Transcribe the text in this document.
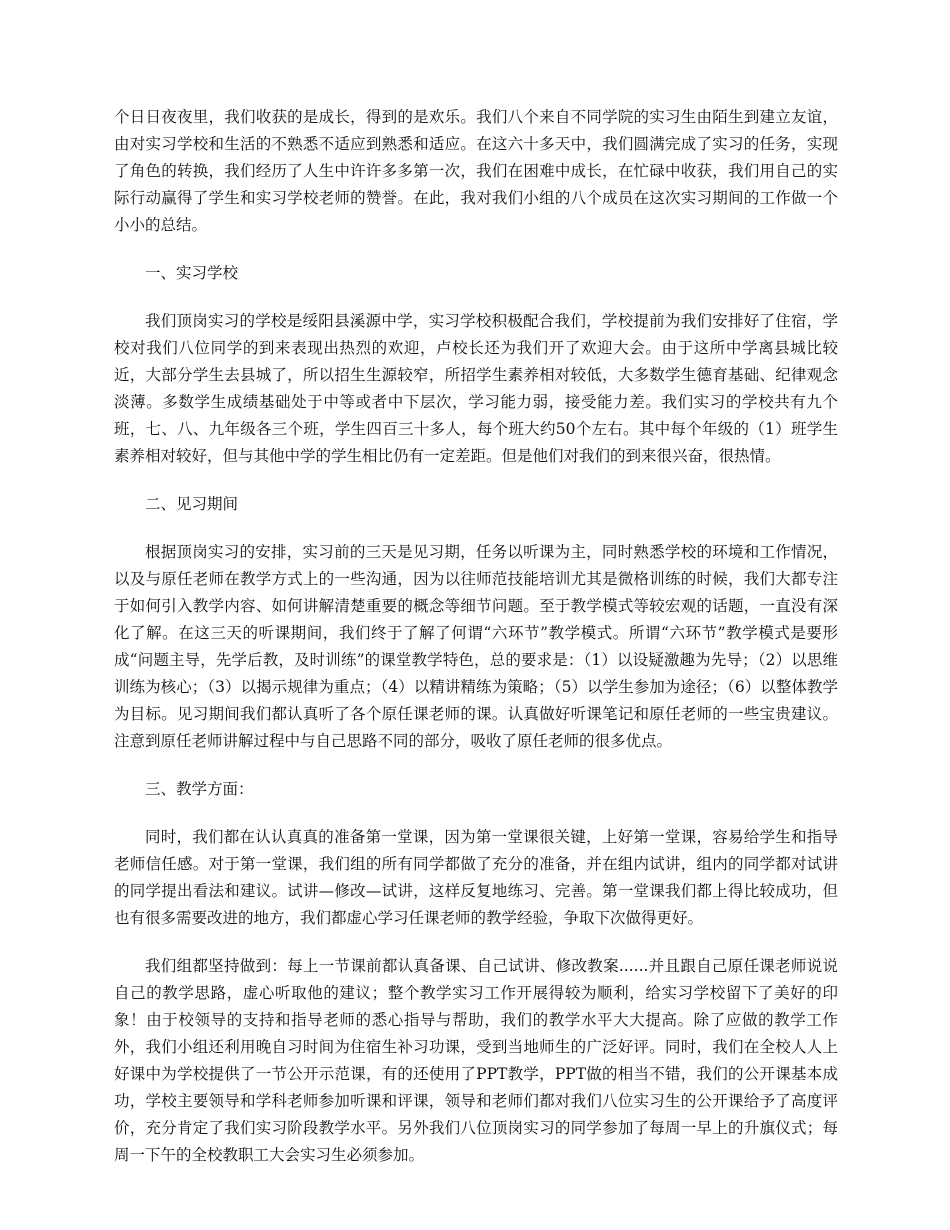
个日日夜夜里，我们收获的是成长，得到的是欢乐。我们八个来自不同学院的实习生由陌生到建立友谊，由对实习学校和生活的不熟悉不适应到熟悉和适应。在这六十多天中，我们圆满完成了实习的任务，实现了角色的转换，我们经历了人生中许许多多第一次，我们在困难中成长，在忙碌中收获，我们用自己的实际行动赢得了学生和实习学校老师的赞誉。在此，我对我们小组的八个成员在这次实习期间的工作做一个小小的总结。

一、实习学校

我们顶岗实习的学校是绥阳县溪源中学，实习学校积极配合我们，学校提前为我们安排好了住宿，学校对我们八位同学的到来表现出热烈的欢迎，卢校长还为我们开了欢迎大会。由于这所中学离县城比较近，大部分学生去县城了，所以招生生源较窄，所招学生素养相对较低，大多数学生德育基础、纪律观念淡薄。多数学生成绩基础处于中等或者中下层次，学习能力弱，接受能力差。我们实习的学校共有九个班，七、八、九年级各三个班，学生四百三十多人，每个班大约50个左右。其中每个年级的（1）班学生素养相对较好，但与其他中学的学生相比仍有一定差距。但是他们对我们的到来很兴奋，很热情。

二、见习期间

根据顶岗实习的安排，实习前的三天是见习期，任务以听课为主，同时熟悉学校的环境和工作情况，以及与原任老师在教学方式上的一些沟通，因为以往师范技能培训尤其是微格训练的时候，我们大都专注于如何引入教学内容、如何讲解清楚重要的概念等细节问题。至于教学模式等较宏观的话题，一直没有深化了解。在这三天的听课期间，我们终于了解了何谓“六环节”教学模式。所谓“六环节”教学模式是要形成“问题主导，先学后教，及时训练”的课堂教学特色，总的要求是：（1）以设疑激趣为先导；（2）以思维训练为核心；（3）以揭示规律为重点；（4）以精讲精练为策略；（5）以学生参加为途径；（6）以整体教学为目标。见习期间我们都认真听了各个原任课老师的课。认真做好听课笔记和原任老师的一些宝贵建议。注意到原任老师讲解过程中与自己思路不同的部分，吸收了原任老师的很多优点。

三、教学方面：

同时，我们都在认认真真的准备第一堂课，因为第一堂课很关键，上好第一堂课，容易给学生和指导老师信任感。对于第一堂课，我们组的所有同学都做了充分的准备，并在组内试讲，组内的同学都对试讲的同学提出看法和建议。试讲—修改—试讲，这样反复地练习、完善。第一堂课我们都上得比较成功，但也有很多需要改进的地方，我们都虚心学习任课老师的教学经验，争取下次做得更好。

我们组都坚持做到：每上一节课前都认真备课、自己试讲、修改教案......并且跟自己原任课老师说说自己的教学思路，虚心听取他的建议；整个教学实习工作开展得较为顺利，给实习学校留下了美好的印象！由于校领导的支持和指导老师的悉心指导与帮助，我们的教学水平大大提高。除了应做的教学工作外，我们小组还利用晚自习时间为住宿生补习功课，受到当地师生的广泛好评。同时，我们在全校人人上好课中为学校提供了一节公开示范课，有的还使用了PPT教学，PPT做的相当不错，我们的公开课基本成功，学校主要领导和学科老师参加听课和评课，领导和老师们都对我们八位实习生的公开课给予了高度评价，充分肯定了我们实习阶段教学水平。另外我们八位顶岗实习的同学参加了每周一早上的升旗仪式；每周一下午的全校教职工大会实习生必须参加。
